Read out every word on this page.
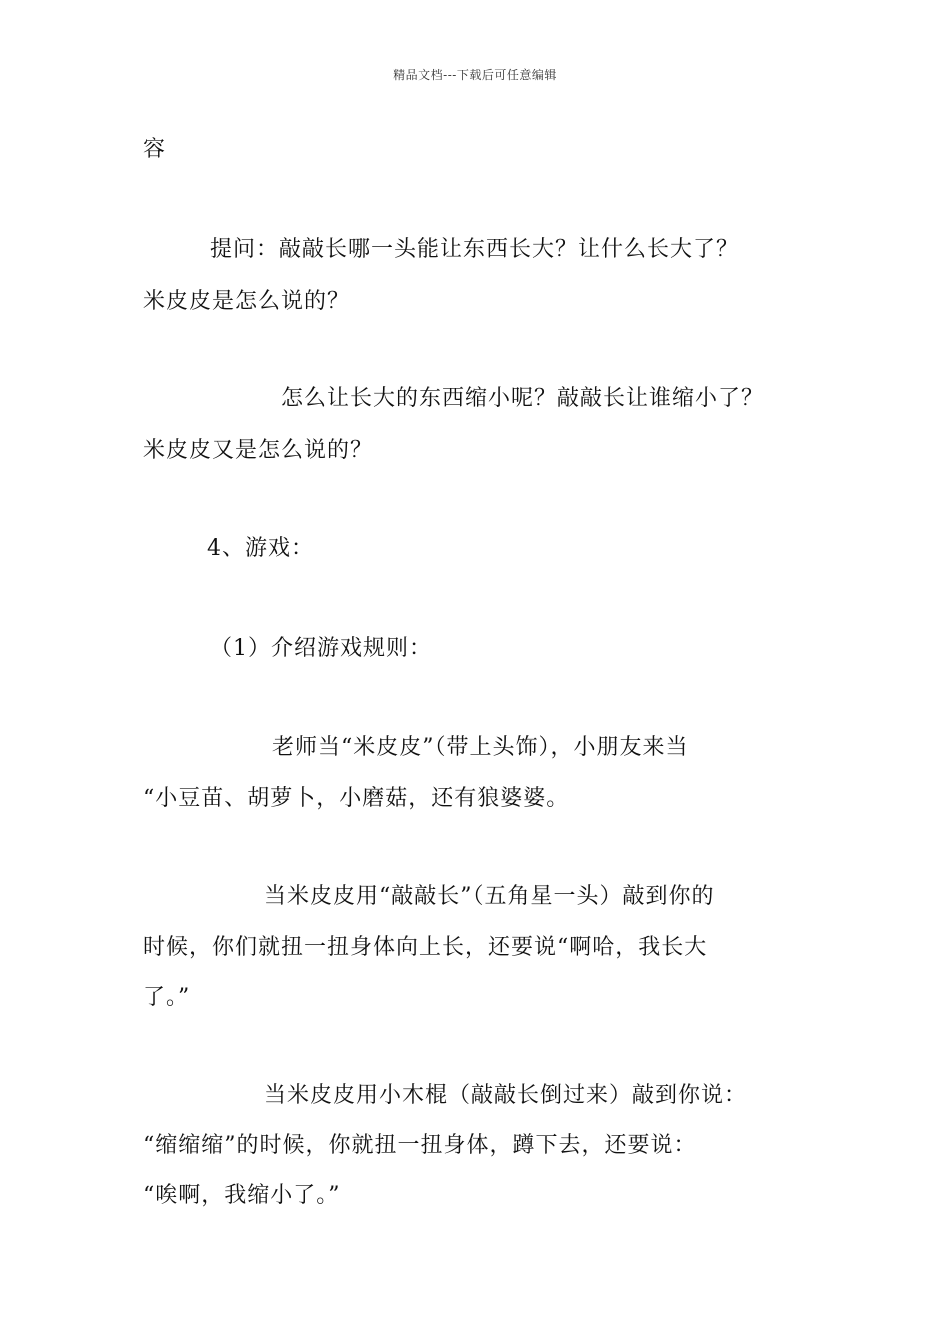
精品文档---下载后可任意编辑
容
提问：敲敲长哪一头能让东西长大？让什么长大了？
米皮皮是怎么说的？
怎么让长大的东西缩小呢？敲敲长让谁缩小了？
米皮皮又是怎么说的？
4、游戏：
（1）介绍游戏规则：
老师当“米皮皮”（带上头饰），小朋友来当
“小豆苗、胡萝卜，小磨菇，还有狼婆婆。
当米皮皮用“敲敲长”（五角星一头）敲到你的
时候，你们就扭一扭身体向上长，还要说“啊哈，我长大
了。”
当米皮皮用小木棍（敲敲长倒过来）敲到你说：
“缩缩缩”的时候，你就扭一扭身体，蹲下去，还要说：
“唉啊，我缩小了。”
